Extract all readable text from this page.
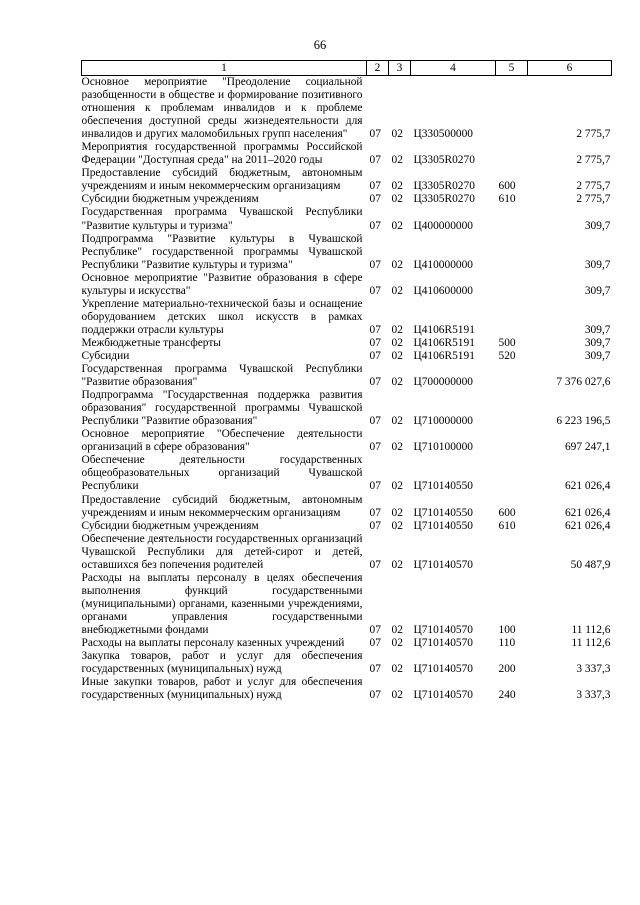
66
1	2	3	4	5	6
Основное мероприятие "Преодоление социальной разобщенности в обществе и формирование позитивного отношения к проблемам инвалидов и к проблеме обеспечения доступной среды жизнедеятельности для инвалидов и других маломобильных групп населения"	07	02	Ц330500000		2 775,7
Мероприятия государственной программы Российской Федерации "Доступная среда" на 2011–2020 годы	07	02	Ц3305R0270		2 775,7
Предоставление субсидий бюджетным, автономным учреждениям и иным некоммерческим организациям	07	02	Ц3305R0270	600	2 775,7
Субсидии бюджетным учреждениям	07	02	Ц3305R0270	610	2 775,7
Государственная программа Чувашской Республики "Развитие культуры и туризма"	07	02	Ц400000000		309,7
Подпрограмма "Развитие культуры в Чувашской Республике" государственной программы Чувашской Республики "Развитие культуры и туризма"	07	02	Ц410000000		309,7
Основное мероприятие "Развитие образования в сфере культуры и искусства"	07	02	Ц410600000		309,7
Укрепление материально-технической базы и оснащение оборудованием детских школ искусств в рамках поддержки отрасли культуры	07	02	Ц4106R5191		309,7
Межбюджетные трансферты	07	02	Ц4106R5191	500	309,7
Субсидии	07	02	Ц4106R5191	520	309,7
Государственная программа Чувашской Республики "Развитие образования"	07	02	Ц700000000		7 376 027,6
Подпрограмма "Государственная поддержка развития образования" государственной программы Чувашской Республики "Развитие образования"	07	02	Ц710000000		6 223 196,5
Основное мероприятие "Обеспечение деятельности организаций в сфере образования"	07	02	Ц710100000		697 247,1
Обеспечение деятельности государственных общеобразовательных организаций Чувашской Республики	07	02	Ц710140550		621 026,4
Предоставление субсидий бюджетным, автономным учреждениям и иным некоммерческим организациям	07	02	Ц710140550	600	621 026,4
Субсидии бюджетным учреждениям	07	02	Ц710140550	610	621 026,4
Обеспечение деятельности государственных организаций Чувашской Республики для детей-сирот и детей, оставшихся без попечения родителей	07	02	Ц710140570		50 487,9
Расходы на выплаты персоналу в целях обеспечения выполнения функций государственными (муниципальными) органами, казенными учреждениями, органами управления государственными внебюджетными фондами	07	02	Ц710140570	100	11 112,6
Расходы на выплаты персоналу казенных учреждений	07	02	Ц710140570	110	11 112,6
Закупка товаров, работ и услуг для обеспечения государственных (муниципальных) нужд	07	02	Ц710140570	200	3 337,3
Иные закупки товаров, работ и услуг для обеспечения государственных (муниципальных) нужд	07	02	Ц710140570	240	3 337,3
